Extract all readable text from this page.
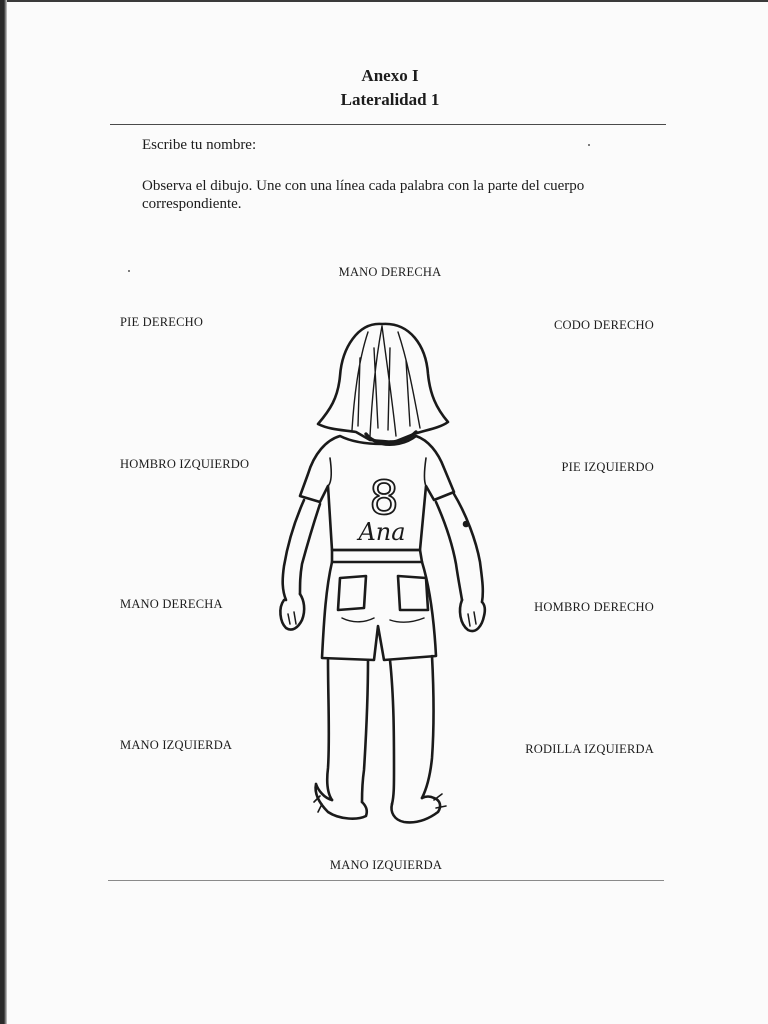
Anexo I
Lateralidad 1

Escribe tu nombre:

Observa el dibujo. Une con una línea cada palabra con la parte del cuerpo correspondiente.

MANO DERECHA
PIE DERECHO
HOMBRO IZQUIERDO
MANO DERECHA
MANO IZQUIERDA
CODO DERECHO
PIE IZQUIERDO
HOMBRO DERECHO
RODILLA IZQUIERDA
MANO IZQUIERDA
8
Ana
